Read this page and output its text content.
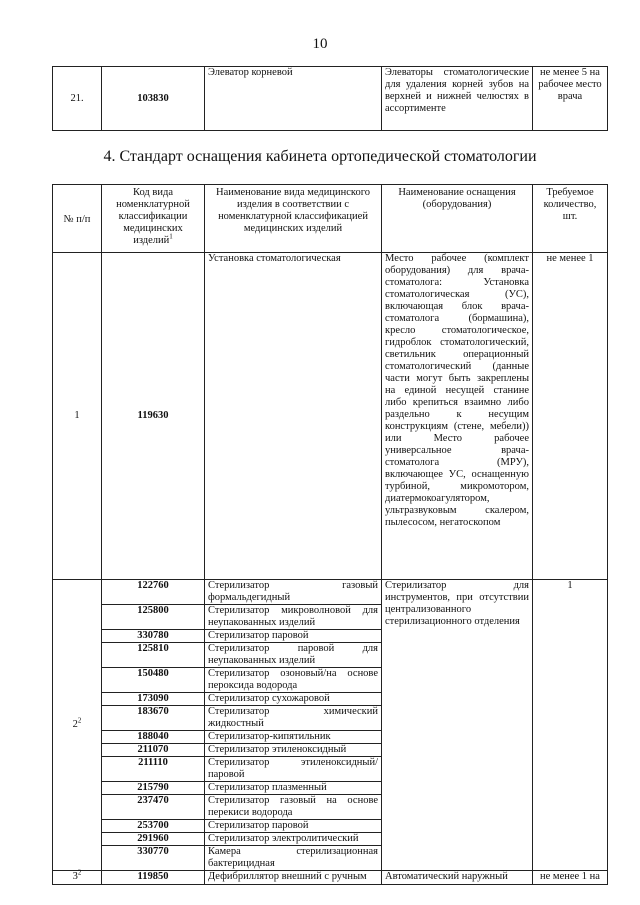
10
21.	103830	Элеватор корневой	Элеваторы стоматологические для удаления корней зубов на верхней и нижней челюстях в ассортименте	не менее 5 на рабочее место врача
4. Стандарт оснащения кабинета ортопедической стоматологии
№ п/п	Код вида номенклатурной классификации медицинских изделий$^1$	Наименование вида медицинского изделия в соответствии с номенклатурной классификацией медицинских изделий	Наименование оснащения (оборудования)	Требуемое количество, шт.
1	119630	Установка стоматологическая	Место рабочее (комплект оборудования) для врача-стоматолога: Установка стоматологическая (УС), включающая блок врача-стоматолога (бормашина), кресло стоматологическое, гидроблок стоматологический, светильник операционный стоматологический (данные части могут быть закреплены на единой несущей станине либо крепиться взаимно либо раздельно к несущим конструкциям (стене, мебели)) или Место рабочее универсальное врача-стоматолога (МРУ), включающее УС, оснащенную турбиной, микромотором, диатермокоагулятором, ультразвуковым скалером, пылесосом, негатоскопом	не менее 1
$2^2$	122760	Стерилизатор газовый формальдегидный	Стерилизатор для инструментов, при отсутствии централизованного стерилизационного отделения	1
	125800	Стерилизатор микроволновой для неупакованных изделий		
	330780	Стерилизатор паровой		
	125810	Стерилизатор паровой для неупакованных изделий		
	150480	Стерилизатор озоновый/на основе пероксида водорода		
	173090	Стерилизатор сухожаровой		
	183670	Стерилизатор химический жидкостный		
	188040	Стерилизатор-кипятильник		
	211070	Стерилизатор этиленоксидный		
	211110	Стерилизатор этиленоксидный/паровой		
	215790	Стерилизатор плазменный		
	237470	Стерилизатор газовый на основе перекиси водорода		
	253700	Стерилизатор паровой		
	291960	Стерилизатор электролитический		
	330770	Камера стерилизационная бактерицидная		
$3^2$	119850	Дефибриллятор внешний с ручным	Автоматический наружный	не менее 1 на
